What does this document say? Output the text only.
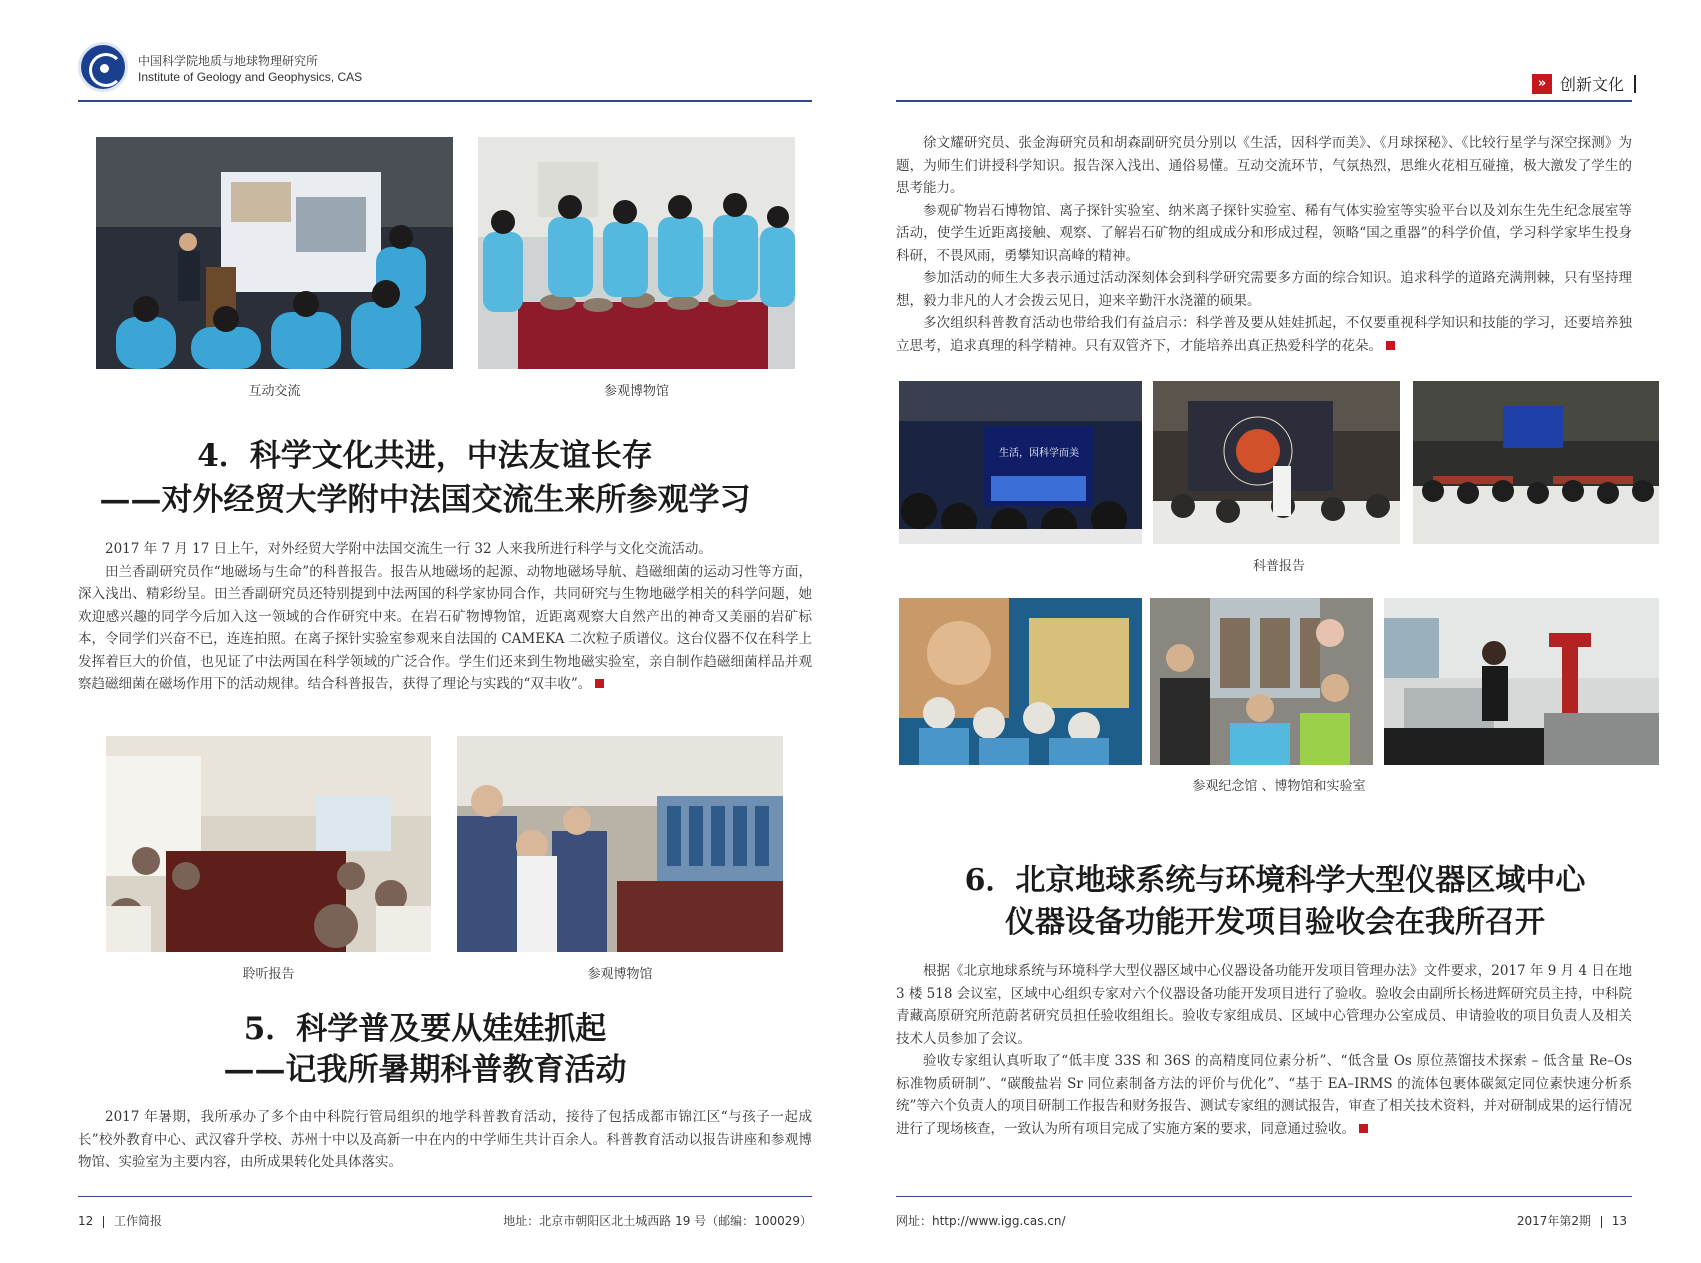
中国科学院地质与地球物理研究所
Institute of Geology and Geophysics, CAS
互动交流	参观博物馆
4．科学文化共进，中法友谊长存
——对外经贸大学附中法国交流生来所参观学习

2017 年 7 月 17 日上午，对外经贸大学附中法国交流生一行 32 人来我所进行科学与文化交流活动。

田兰香副研究员作“地磁场与生命”的科普报告。报告从地磁场的起源、动物地磁场导航、趋磁细菌的运动习性等方面，深入浅出、精彩纷呈。田兰香副研究员还特别提到中法两国的科学家协同合作，共同研究与生物地磁学相关的科学问题，她欢迎感兴趣的同学今后加入这一领域的合作研究中来。在岩石矿物博物馆，近距离观察大自然产出的神奇又美丽的岩矿标本，令同学们兴奋不已，连连拍照。在离子探针实验室参观来自法国的 CAMEKA 二次粒子质谱仪。这台仪器不仅在科学上发挥着巨大的价值，也见证了中法两国在科学领域的广泛合作。学生们还来到生物地磁实验室，亲自制作趋磁细菌样品并观察趋磁细菌在磁场作用下的活动规律。结合科普报告，获得了理论与实践的“双丰收”。

聆听报告	参观博物馆
5．科学普及要从娃娃抓起
——记我所暑期科普教育活动

2017 年暑期，我所承办了多个由中科院行管局组织的地学科普教育活动，接待了包括成都市锦江区“与孩子一起成长”校外教育中心、武汉睿升学校、苏州十中以及高新一中在内的中学师生共计百余人。科普教育活动以报告讲座和参观博物馆、实验室为主要内容，由所成果转化处具体落实。

12 工作简报	地址：北京市朝阳区北土城西路 19 号（邮编：100029）
» 创新文化

徐文耀研究员、张金海研究员和胡森副研究员分别以《生活，因科学而美》、《月球探秘》、《比较行星学与深空探测》为题，为师生们讲授科学知识。报告深入浅出、通俗易懂。互动交流环节，气氛热烈，思维火花相互碰撞，极大激发了学生的思考能力。

参观矿物岩石博物馆、离子探针实验室、纳米离子探针实验室、稀有气体实验室等实验平台以及刘东生先生纪念展室等活动，使学生近距离接触、观察、了解岩石矿物的组成成分和形成过程，领略“国之重器”的科学价值，学习科学家毕生投身科研，不畏风雨，勇攀知识高峰的精神。

参加活动的师生大多表示通过活动深刻体会到科学研究需要多方面的综合知识。追求科学的道路充满荆棘，只有坚持理想，毅力非凡的人才会拨云见日，迎来辛勤汗水浇灌的硕果。

多次组织科普教育活动也带给我们有益启示：科学普及要从娃娃抓起，不仅要重视科学知识和技能的学习，还要培养独立思考，追求真理的科学精神。只有双管齐下，才能培养出真正热爱科学的花朵。

生活，因科学而美
科普报告
参观纪念馆 、博物馆和实验室
6．北京地球系统与环境科学大型仪器区域中心
仪器设备功能开发项目验收会在我所召开

根据《北京地球系统与环境科学大型仪器区域中心仪器设备功能开发项目管理办法》文件要求，2017 年 9 月 4 日在地 3 楼 518 会议室，区域中心组织专家对六个仪器设备功能开发项目进行了验收。验收会由副所长杨进辉研究员主持，中科院青藏高原研究所范蔚茗研究员担任验收组组长。验收专家组成员、区域中心管理办公室成员、申请验收的项目负责人及相关技术人员参加了会议。

验收专家组认真听取了“低丰度 33S 和 36S 的高精度同位素分析”、“低含量 Os 原位蒸馏技术探索 – 低含量 Re–Os 标准物质研制”、“碳酸盐岩 Sr 同位素制备方法的评价与优化”、“基于 EA–IRMS 的流体包裹体碳氮定同位素快速分析系统”等六个负责人的项目研制工作报告和财务报告、测试专家组的测试报告，审查了相关技术资料，并对研制成果的运行情况进行了现场核查，一致认为所有项目完成了实施方案的要求，同意通过验收。

网址：http://www.igg.cas.cn/	2017年第2期 13
